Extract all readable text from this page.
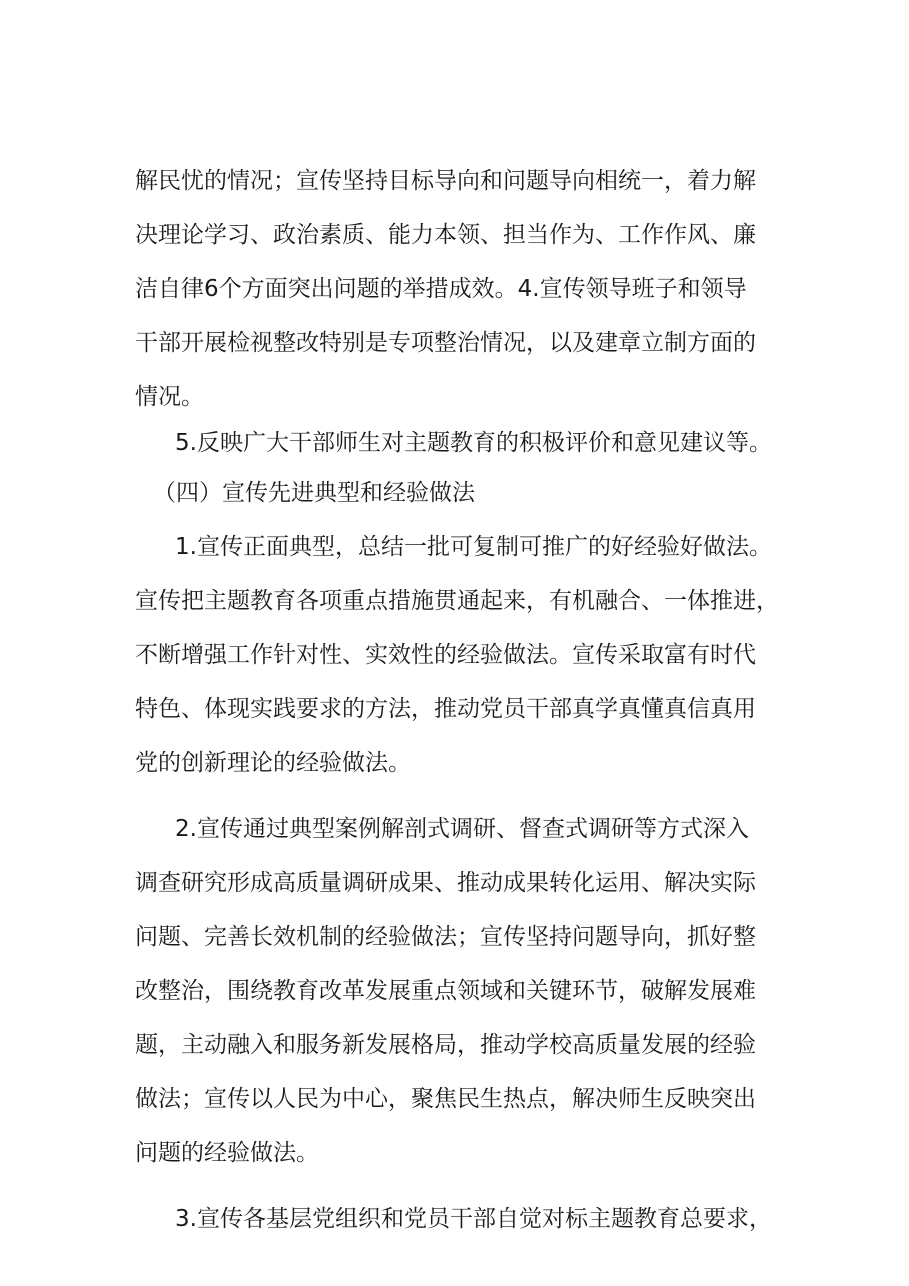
解民忧的情况；宣传坚持目标导向和问题导向相统一，着力解
决理论学习、政治素质、能力本领、担当作为、工作作风、廉
洁自律6个方面突出问题的举措成效。4.宣传领导班子和领导
干部开展检视整改特别是专项整治情况，以及建章立制方面的
情况。
5.反映广大干部师生对主题教育的积极评价和意见建议等。
（四）宣传先进典型和经验做法
1.宣传正面典型，总结一批可复制可推广的好经验好做法。
宣传把主题教育各项重点措施贯通起来，有机融合、一体推进，
不断增强工作针对性、实效性的经验做法。宣传采取富有时代
特色、体现实践要求的方法，推动党员干部真学真懂真信真用
党的创新理论的经验做法。
2.宣传通过典型案例解剖式调研、督查式调研等方式深入
调查研究形成高质量调研成果、推动成果转化运用、解决实际
问题、完善长效机制的经验做法；宣传坚持问题导向，抓好整
改整治，围绕教育改革发展重点领域和关键环节，破解发展难
题，主动融入和服务新发展格局，推动学校高质量发展的经验
做法；宣传以人民为中心，聚焦民生热点，解决师生反映突出
问题的经验做法。
3.宣传各基层党组织和党员干部自觉对标主题教育总要求，
